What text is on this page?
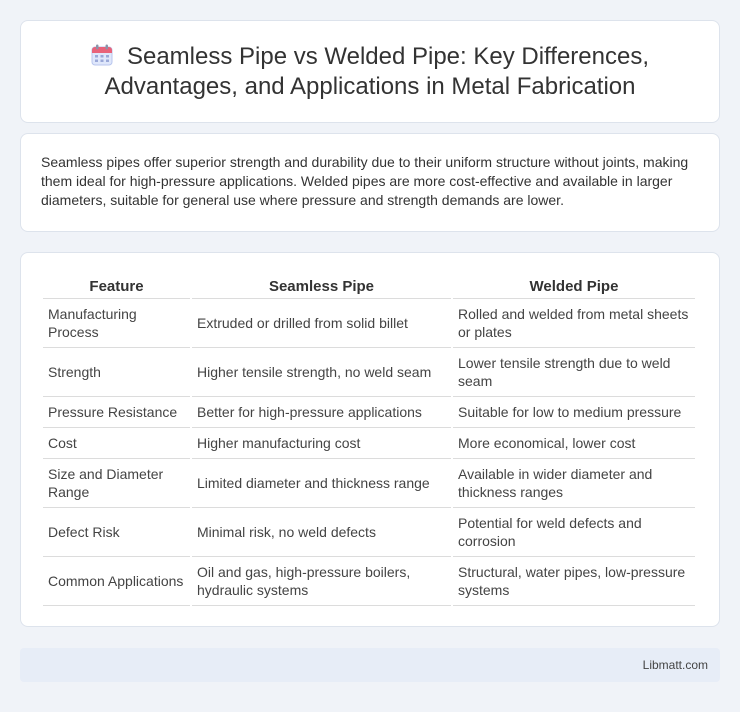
Seamless Pipe vs Welded Pipe: Key Differences, Advantages, and Applications in Metal Fabrication

Seamless pipes offer superior strength and durability due to their uniform structure without joints, making them ideal for high-pressure applications. Welded pipes are more cost-effective and available in larger diameters, suitable for general use where pressure and strength demands are lower.

Feature	Seamless Pipe	Welded Pipe
Manufacturing Process	Extruded or drilled from solid billet	Rolled and welded from metal sheets or plates
Strength	Higher tensile strength, no weld seam	Lower tensile strength due to weld seam
Pressure Resistance	Better for high-pressure applications	Suitable for low to medium pressure
Cost	Higher manufacturing cost	More economical, lower cost
Size and Diameter Range	Limited diameter and thickness range	Available in wider diameter and thickness ranges
Defect Risk	Minimal risk, no weld defects	Potential for weld defects and corrosion
Common Applications	Oil and gas, high-pressure boilers, hydraulic systems	Structural, water pipes, low-pressure systems
Libmatt.com
